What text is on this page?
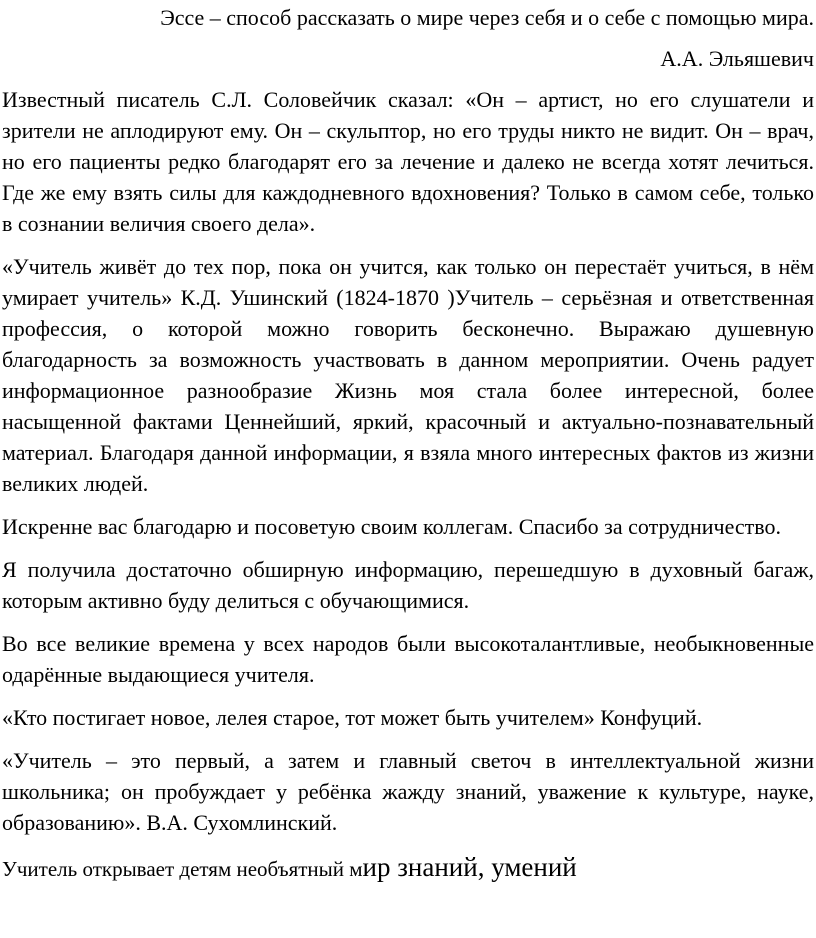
Эссе – способ рассказать о мире через себя и о себе с помощью мира.

А.А. Эльяшевич

Известный писатель С.Л. Соловейчик сказал: «Он – артист, но его слушатели и зрители не аплодируют ему. Он – скульптор, но его труды никто не видит. Он – врач, но его пациенты редко благодарят его за лечение и далеко не всегда хотят лечиться. Где же ему взять силы для каждодневного вдохновения? Только в самом себе, только в сознании величия своего дела».

«Учитель живёт до тех пор, пока он учится, как только он перестаёт учиться, в нём умирает учитель» К.Д. Ушинский (1824-1870 )Учитель – серьёзная и ответственная профессия, о которой можно говорить бесконечно. Выражаю душевную благодарность за возможность участвовать в данном мероприятии. Очень радует информационное разнообразие Жизнь моя стала более интересной, более насыщенной фактами Ценнейший, яркий, красочный и актуально-познавательный материал. Благодаря данной информации, я взяла много интересных фактов из жизни великих людей.

Искренне вас благодарю и посоветую своим коллегам. Спасибо за сотрудничество.

Я получила достаточно обширную информацию, перешедшую в духовный багаж, которым активно буду делиться с обучающимися.

Во все великие времена у всех народов были высокоталантливые, необыкновенные одарённые выдающиеся учителя.

«Кто постигает новое, лелея старое, тот может быть учителем» Конфуций.

«Учитель – это первый, а затем и главный светоч в интеллектуальной жизни школьника; он пробуждает у ребёнка жажду знаний, уважение к культуре, науке, образованию». В.А. Сухомлинский.

Учитель открывает детям необъятный мир знаний, умений
